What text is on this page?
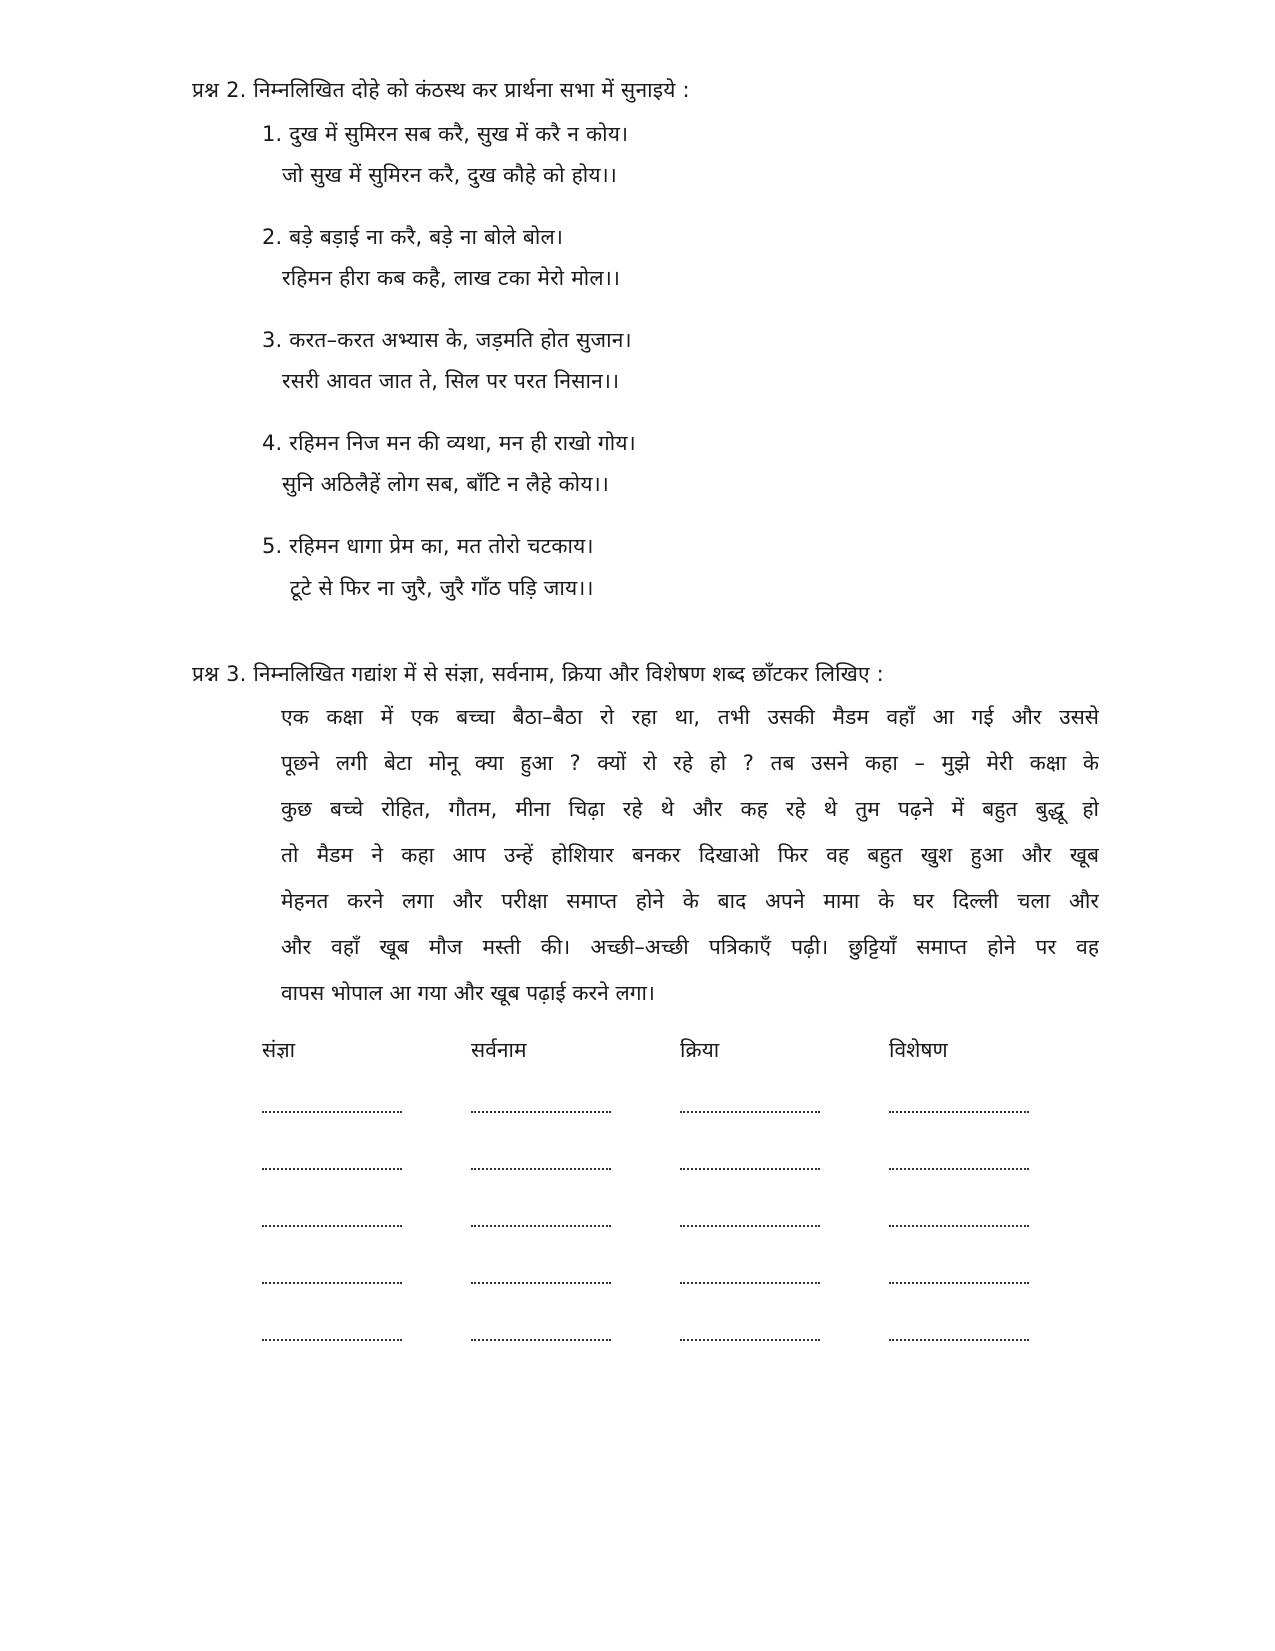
प्रश्न 2. निम्नलिखित दोहे को कंठस्थ कर प्रार्थना सभा में सुनाइये :
1. दुख में सुमिरन सब करै, सुख में करै न कोय।
जो सुख में सुमिरन करै, दुख कौहे को होय।।
2. बड़े बड़ाई ना करै, बड़े ना बोले बोल।
रहिमन हीरा कब कहै, लाख टका मेरो मोल।।
3. करत–करत अभ्यास के, जड़मति होत सुजान।
रसरी आवत जात ते, सिल पर परत निसान।।
4. रहिमन निज मन की व्यथा, मन ही राखो गोय।
सुनि अठिलैहें लोग सब, बाँटि न लैहे कोय।।
5. रहिमन धागा प्रेम का, मत तोरो चटकाय।
टूटे से फिर ना जुरै, जुरै गाँठ पड़ि जाय।।
प्रश्न 3. निम्नलिखित गद्यांश में से संज्ञा, सर्वनाम, क्रिया और विशेषण शब्द छाँटकर लिखिए :
एक कक्षा में एक बच्चा बैठा–बैठा रो रहा था, तभी उसकी मैडम वहाँ आ गई और उससे
पूछने लगी बेटा मोनू क्या हुआ ? क्यों रो रहे हो ? तब उसने कहा – मुझे मेरी कक्षा के
कुछ बच्चे रोहित, गौतम, मीना चिढ़ा रहे थे और कह रहे थे तुम पढ़ने में बहुत बुद्धू हो
तो मैडम ने कहा आप उन्हें होशियार बनकर दिखाओ फिर वह बहुत खुश हुआ और खूब
मेहनत करने लगा और परीक्षा समाप्त होने के बाद अपने मामा के घर दिल्ली चला और
और वहाँ खूब मौज मस्ती की। अच्छी–अच्छी पत्रिकाएँ पढ़ी। छुट्टियाँ समाप्त होने पर वह
वापस भोपाल आ गया और खूब पढ़ाई करने लगा।
संज्ञा	सर्वनाम	क्रिया	विशेषण
